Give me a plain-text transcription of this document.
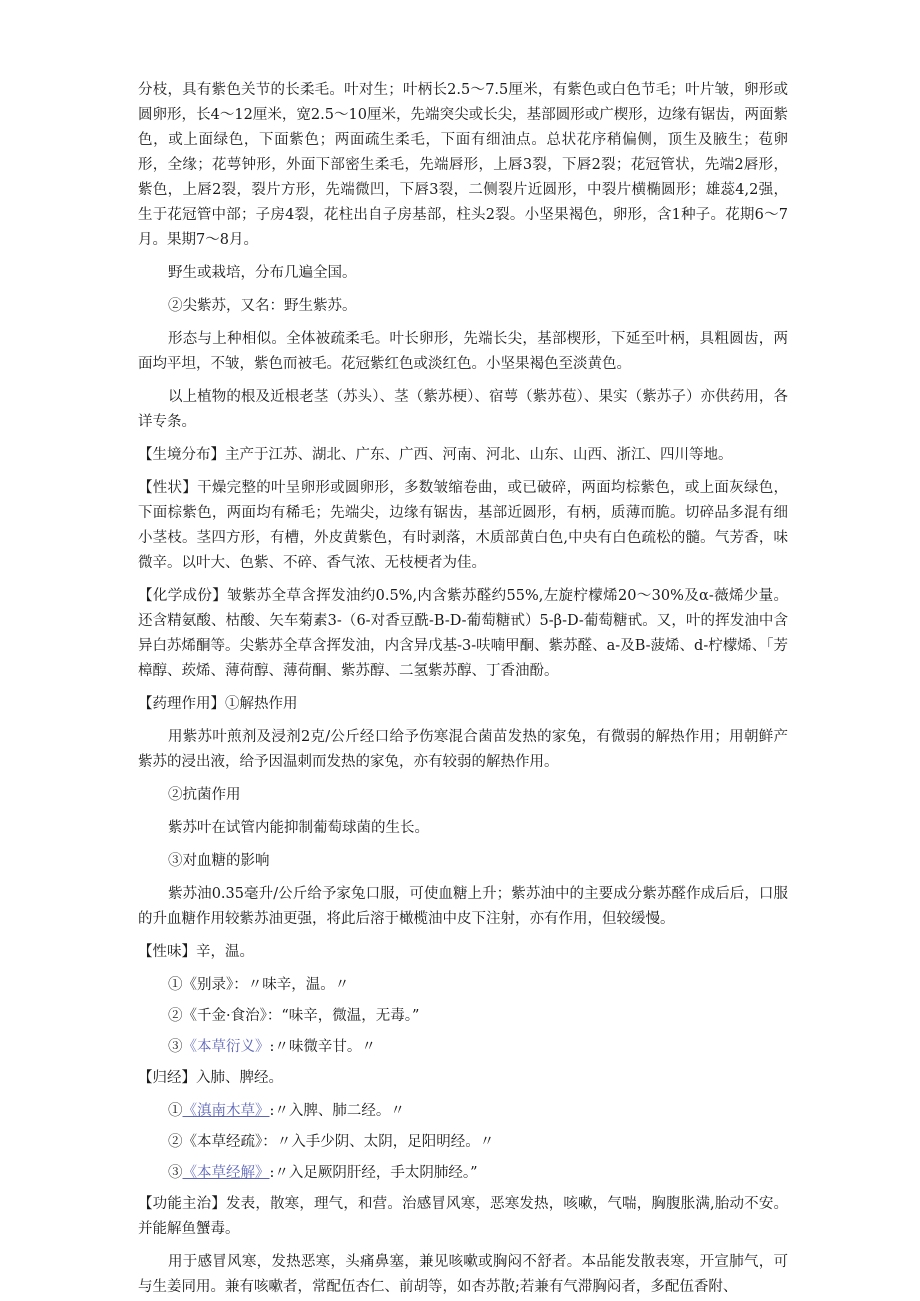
分枝，具有紫色关节的长柔毛。叶对生；叶柄长2.5～7.5厘米，有紫色或白色节毛；叶片皱，卵形或圆卵形，长4～12厘米，宽2.5～10厘米，先端突尖或长尖，基部圆形或广楔形，边缘有锯齿，两面紫色，或上面绿色，下面紫色；两面疏生柔毛，下面有细油点。总状花序稍偏侧，顶生及腋生；苞卵形，全缘；花萼钟形，外面下部密生柔毛，先端唇形，上唇3裂，下唇2裂；花冠管状，先端2唇形，紫色，上唇2裂，裂片方形，先端微凹，下唇3裂，二侧裂片近圆形，中裂片横椭圆形；雄蕊4,2强，生于花冠管中部；子房4裂，花柱出自子房基部，柱头2裂。小坚果褐色，卵形，含1种子。花期6～7月。果期7～8月。

野生或栽培，分布几遍全国。

②尖紫苏，又名：野生紫苏。

形态与上种相似。全体被疏柔毛。叶长卵形，先端长尖，基部楔形，下延至叶柄，具粗圆齿，两面均平坦，不皱，紫色而被毛。花冠紫红色或淡红色。小坚果褐色至淡黄色。

以上植物的根及近根老茎（苏头）、茎（紫苏梗）、宿萼（紫苏苞）、果实（紫苏子）亦供药用，各详专条。

【生境分布】主产于江苏、湖北、广东、广西、河南、河北、山东、山西、浙江、四川等地。

【性状】干燥完整的叶呈卵形或圆卵形，多数皱缩卷曲，或已破碎，两面均棕紫色，或上面灰绿色，下面棕紫色，两面均有稀毛；先端尖，边缘有锯齿，基部近圆形，有柄，质薄而脆。切碎品多混有细小茎枝。茎四方形，有槽，外皮黄紫色，有时剥落，木质部黄白色,中央有白色疏松的髓。气芳香，味微辛。以叶大、色紫、不碎、香气浓、无枝梗者为佳。

【化学成份】皱紫苏全草含挥发油约0.5%,内含紫苏醛约55%,左旋柠檬烯20～30%及α-薇烯少量。还含精氨酸、枯酸、矢车菊素3-（6-对香豆酰-B-D-葡萄糖甙）5-β-D-葡萄糖甙。又，叶的挥发油中含异白苏烯酮等。尖紫苏全草含挥发油，内含异戊基-3-呋喃甲酮、紫苏醛、a-及B-菠烯、d-柠檬烯、「芳樟醇、莰烯、薄荷醇、薄荷酮、紫苏醇、二氢紫苏醇、丁香油酚。

【药理作用】①解热作用

用紫苏叶煎剂及浸剂2克/公斤经口给予伤寒混合菌苗发热的家兔，有微弱的解热作用；用朝鲜产紫苏的浸出液，给予因温刺而发热的家兔，亦有较弱的解热作用。

②抗菌作用

紫苏叶在试管内能抑制葡萄球菌的生长。

③对血糖的影响

紫苏油0.35毫升/公斤给予家兔口服，可使血糖上升；紫苏油中的主要成分紫苏醛作成后后，口服的升血糖作用较紫苏油更强，将此后溶于橄榄油中皮下注射，亦有作用，但较缓慢。

【性味】辛，温。

①《别录》：〃味辛，温。〃

②《千金·食治》：“味辛，微温，无毒。”

③《本草衍义》:〃味微辛甘。〃

【归经】入肺、脾经。

①《滇南木草》:〃入脾、肺二经。〃

②《本草经疏》：〃入手少阴、太阴，足阳明经。〃

③《本草经解》:〃入足厥阴肝经，手太阴肺经。”

【功能主治】发表，散寒，理气，和营。治感冒风寒，恶寒发热，咳嗽，气喘，胸腹胀满,胎动不安。并能解鱼蟹毒。

用于感冒风寒，发热恶寒，头痛鼻塞，兼见咳嗽或胸闷不舒者。本品能发散表寒，开宣肺气，可与生姜同用。兼有咳嗽者，常配伍杏仁、前胡等，如杏苏散;若兼有气滞胸闷者，多配伍香附、
